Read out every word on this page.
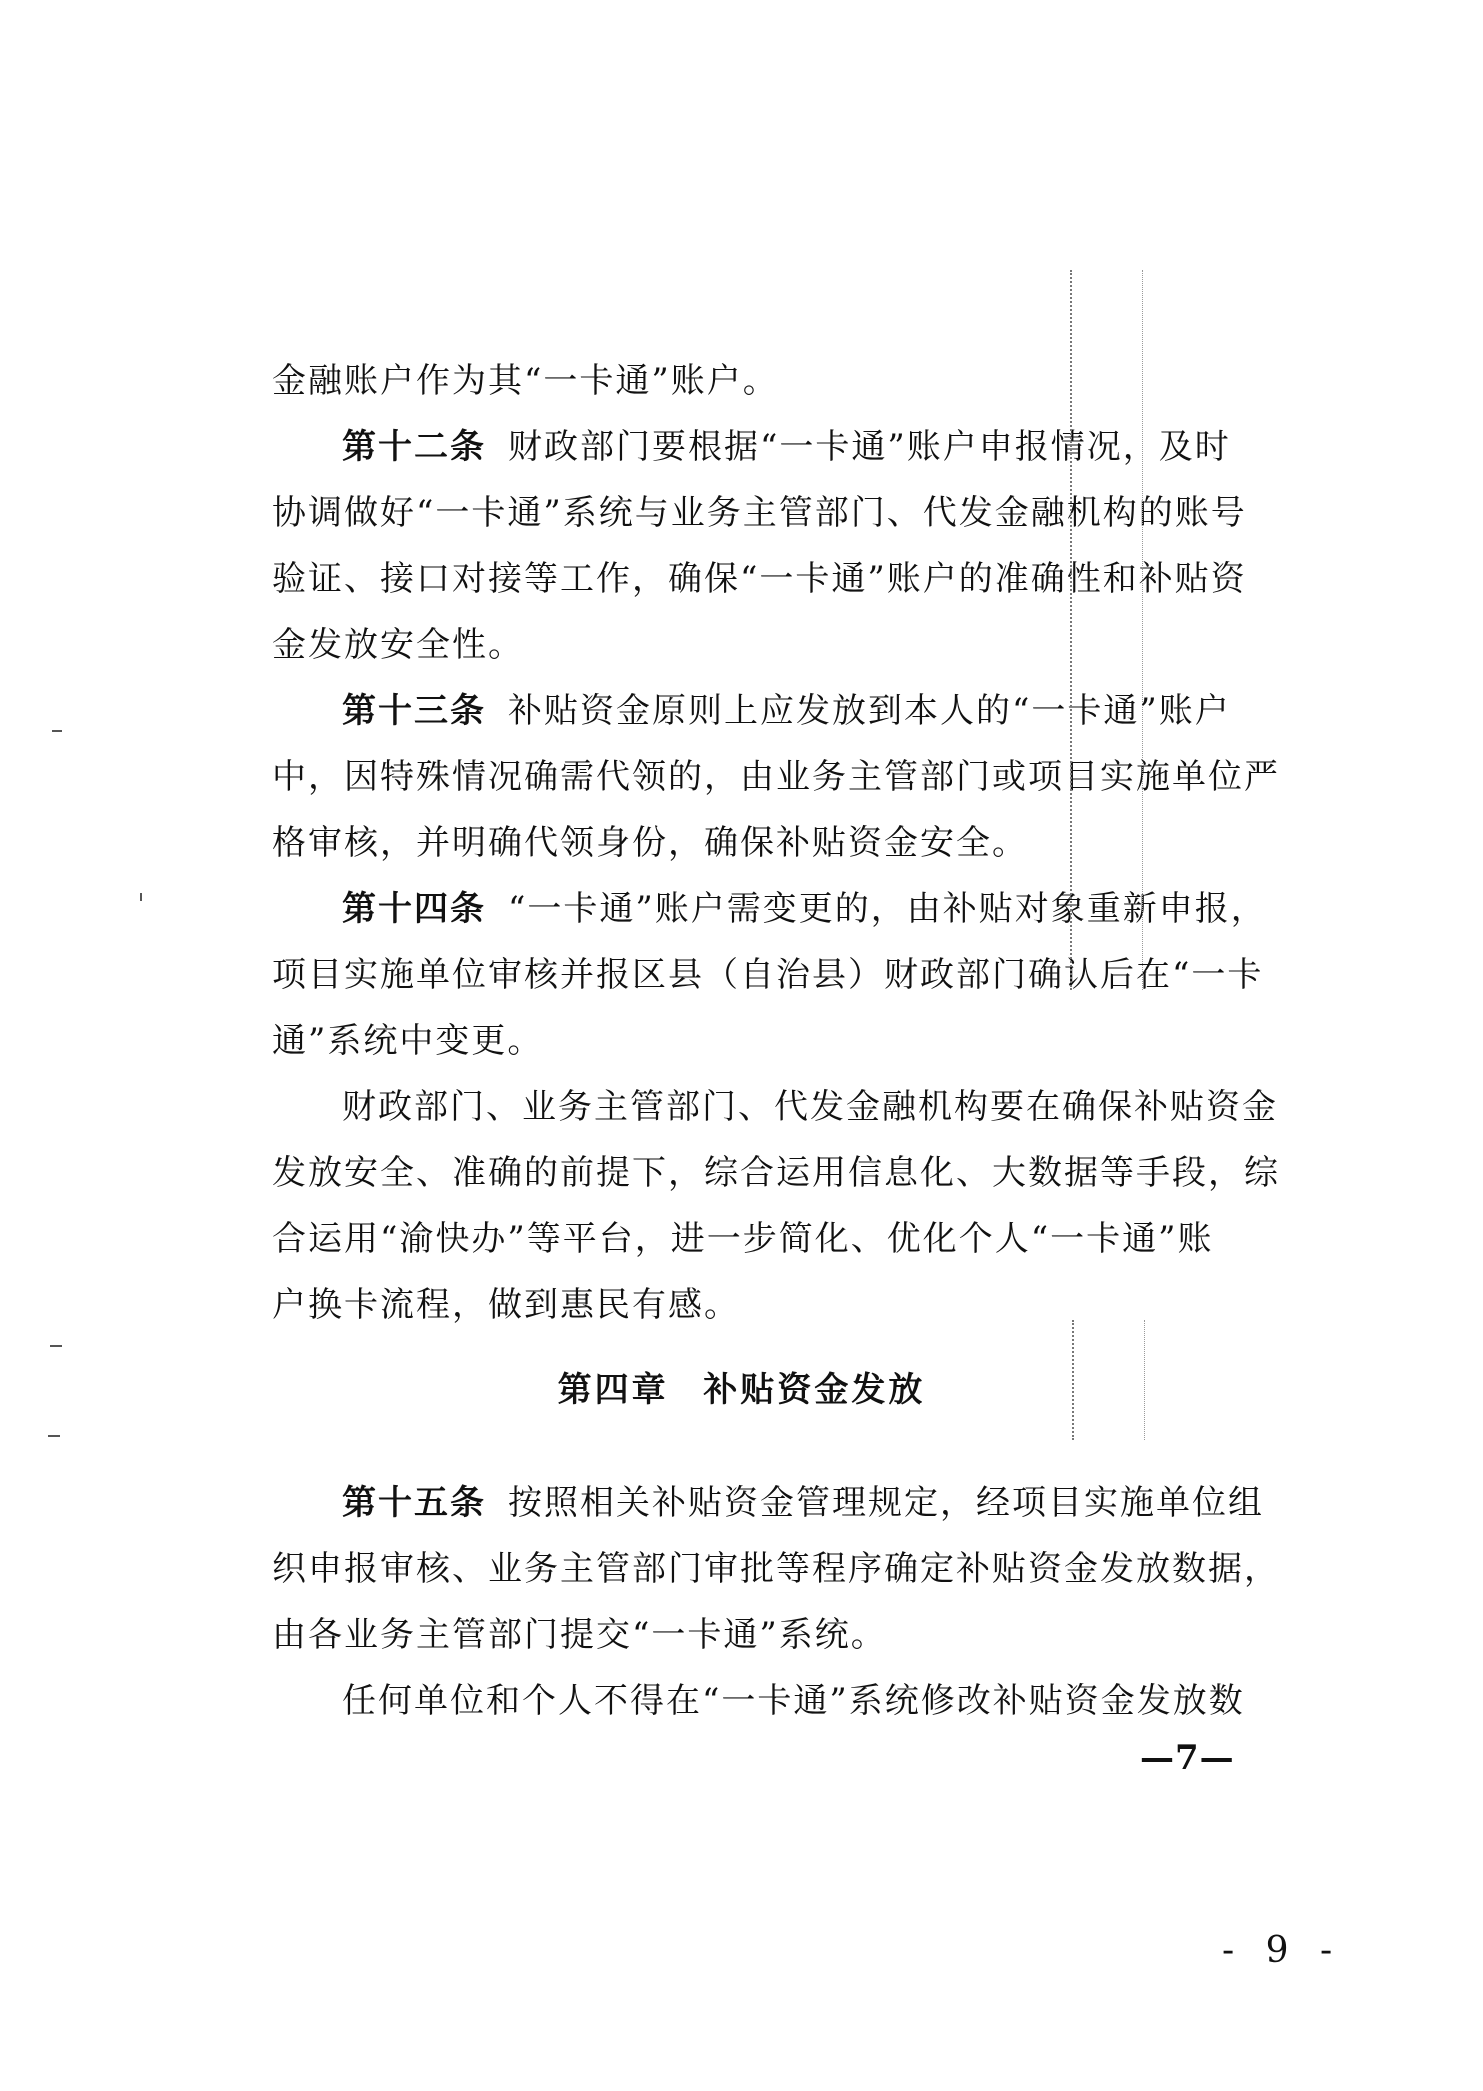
金融账户作为其“一卡通”账户。
第十二条 财政部门要根据“一卡通”账户申报情况，及时
协调做好“一卡通”系统与业务主管部门、代发金融机构的账号
验证、接口对接等工作，确保“一卡通”账户的准确性和补贴资
金发放安全性。
第十三条 补贴资金原则上应发放到本人的“一卡通”账户
中，因特殊情况确需代领的，由业务主管部门或项目实施单位严
格审核，并明确代领身份，确保补贴资金安全。
第十四条 “一卡通”账户需变更的，由补贴对象重新申报，
项目实施单位审核并报区县（自治县）财政部门确认后在“一卡
通”系统中变更。
财政部门、业务主管部门、代发金融机构要在确保补贴资金
发放安全、准确的前提下，综合运用信息化、大数据等手段，综
合运用“渝快办”等平台，进一步简化、优化个人“一卡通”账
户换卡流程，做到惠民有感。
第四章 补贴资金发放
第十五条 按照相关补贴资金管理规定，经项目实施单位组
织申报审核、业务主管部门审批等程序确定补贴资金发放数据，
由各业务主管部门提交“一卡通”系统。
任何单位和个人不得在“一卡通”系统修改补贴资金发放数
—7—
- 9 -
